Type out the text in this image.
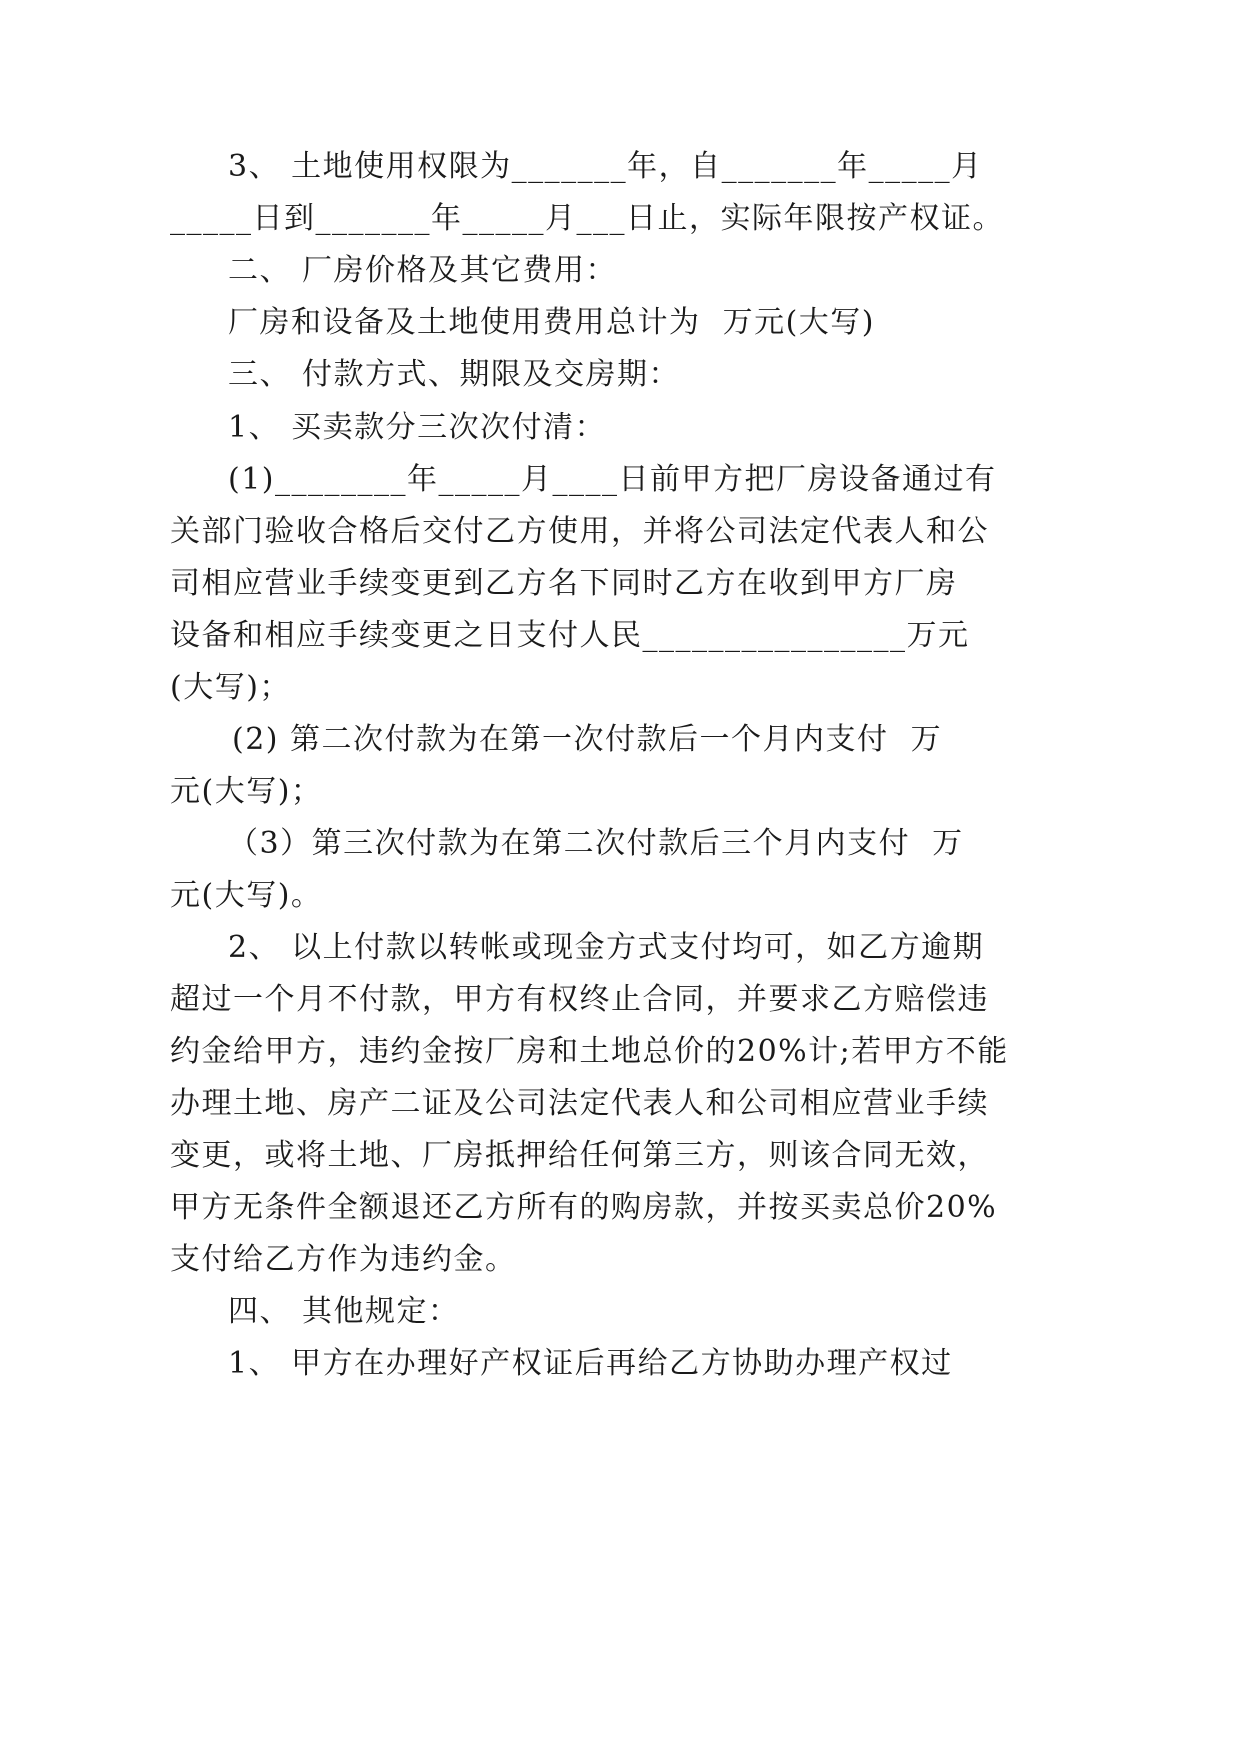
3、 土地使用权限为_______年，自_______年_____月
_____日到_______年_____月___日止，实际年限按产权证。
二、 厂房价格及其它费用：
厂房和设备及土地使用费用总计为  万元(大写)
三、 付款方式、期限及交房期：
1、 买卖款分三次次付清：
(1)________年_____月____日前甲方把厂房设备通过有
关部门验收合格后交付乙方使用，并将公司法定代表人和公
司相应营业手续变更到乙方名下同时乙方在收到甲方厂房
设备和相应手续变更之日支付人民________________万元
(大写)；
(2) 第二次付款为在第一次付款后一个月内支付  万
元(大写)；
（3）第三次付款为在第二次付款后三个月内支付  万
元(大写)。
2、 以上付款以转帐或现金方式支付均可，如乙方逾期
超过一个月不付款，甲方有权终止合同，并要求乙方赔偿违
约金给甲方，违约金按厂房和土地总价的20%计;若甲方不能
办理土地、房产二证及公司法定代表人和公司相应营业手续
变更，或将土地、厂房抵押给任何第三方，则该合同无效，
甲方无条件全额退还乙方所有的购房款，并按买卖总价20%
支付给乙方作为违约金。
四、 其他规定：
1、 甲方在办理好产权证后再给乙方协助办理产权过
